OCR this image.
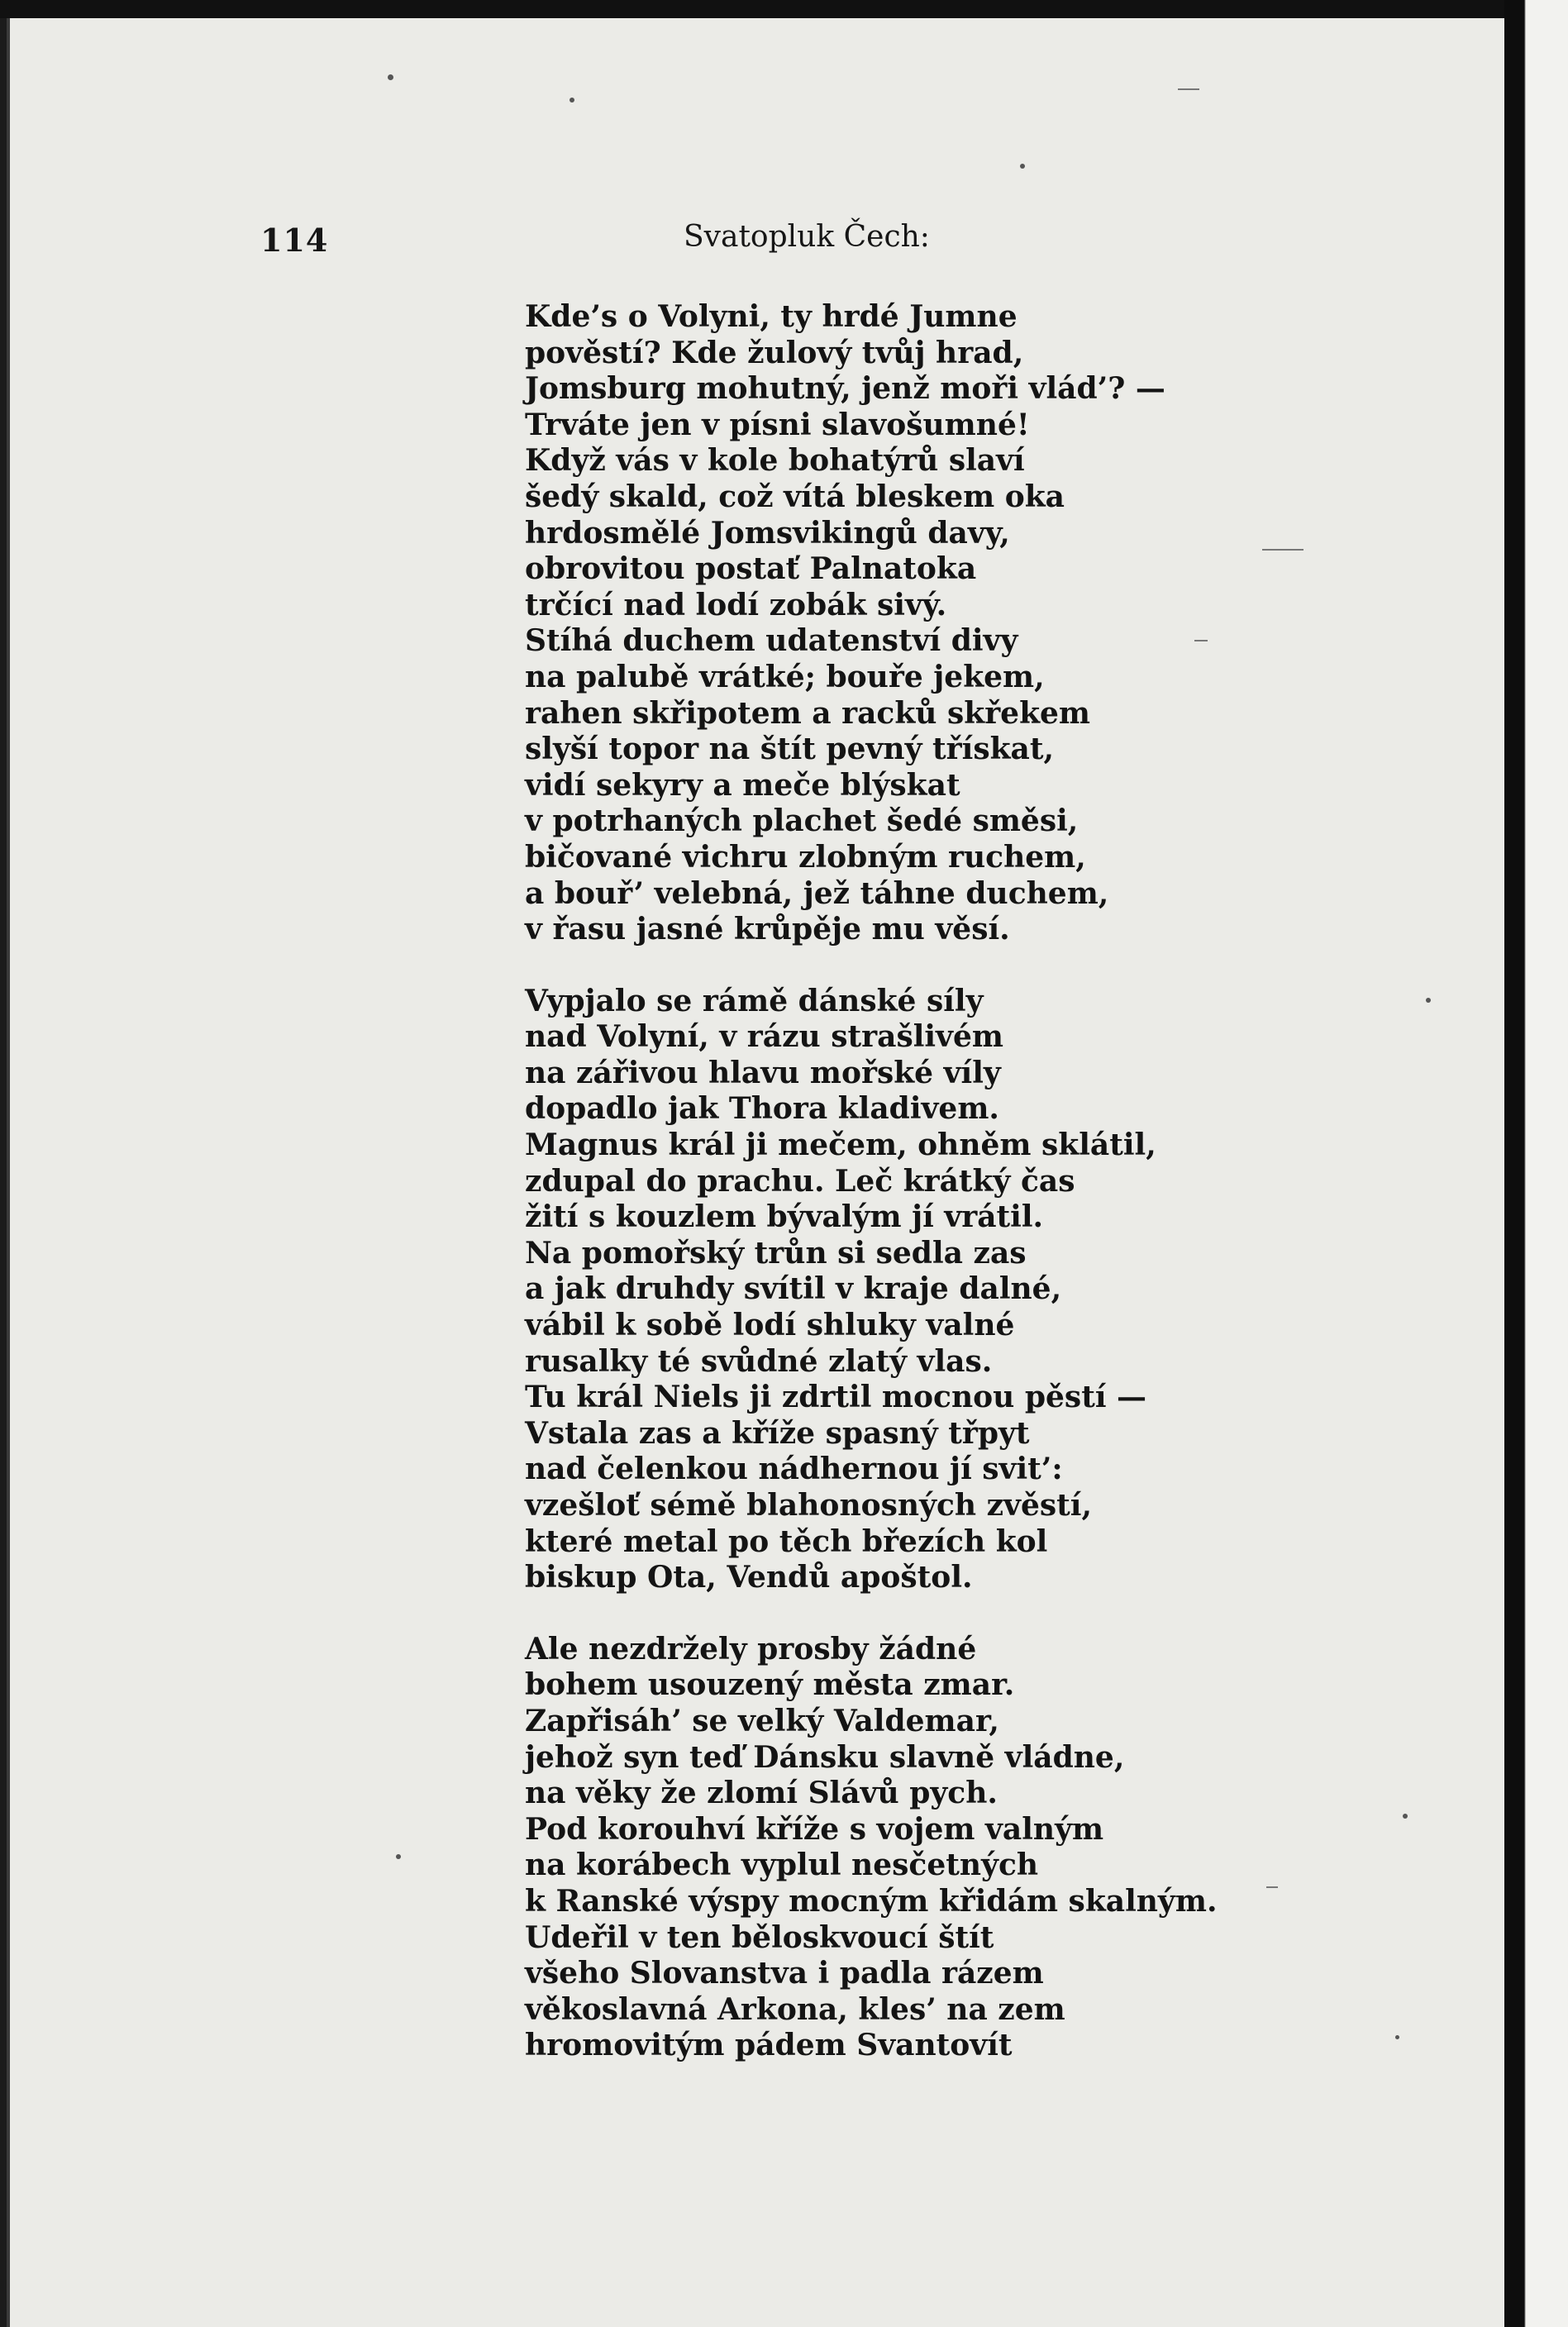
114	Svatopluk Čech:
Kde’s o Volyni, ty hrdé Jumne
pověstí? Kde žulový tvůj hrad,
Jomsburg mohutný, jenž moři vlád’? —
Trváte jen v písni slavošumné!
Když vás v kole bohatýrů slaví
šedý skald, což vítá bleskem oka
hrdosmělé Jomsvikingů davy,
obrovitou postať Palnatoka
trčící nad lodí zobák sivý.
Stíhá duchem udatenství divy
na palubě vrátké; bouře jekem,
rahen skřipotem a racků skřekem
slyší topor na štít pevný třískat,
vidí sekyry a meče blýskat
v potrhaných plachet šedé směsi,
bičované vichru zlobným ruchem,
a bouř’ velebná, jež táhne duchem,
v řasu jasné krůpěje mu věsí.
Vypjalo se rámě dánské síly
nad Volyní, v rázu strašlivém
na zářivou hlavu mořské víly
dopadlo jak Thora kladivem.
Magnus král ji mečem, ohněm sklátil,
zdupal do prachu. Leč krátký čas
žití s kouzlem bývalým jí vrátil.
Na pomořský trůn si sedla zas
a jak druhdy svítil v kraje dalné,
vábil k sobě lodí shluky valné
rusalky té svůdné zlatý vlas.
Tu král Niels ji zdrtil mocnou pěstí —
Vstala zas a kříže spasný třpyt
nad čelenkou nádhernou jí svit’:
vzešloť sémě blahonosných zvěstí,
které metal po těch březích kol
biskup Ota, Vendů apoštol.
Ale nezdržely prosby žádné
bohem usouzený města zmar.
Zapřisáh’ se velký Valdemar,
jehož syn teď Dánsku slavně vládne,
na věky že zlomí Slávů pych.
Pod korouhví kříže s vojem valným
na korábech vyplul nesčetných
k Ranské výspy mocným křidám skalným.
Udeřil v ten běloskvoucí štít
všeho Slovanstva i padla rázem
věkoslavná Arkona, kles’ na zem
hromovitým pádem Svantovít
